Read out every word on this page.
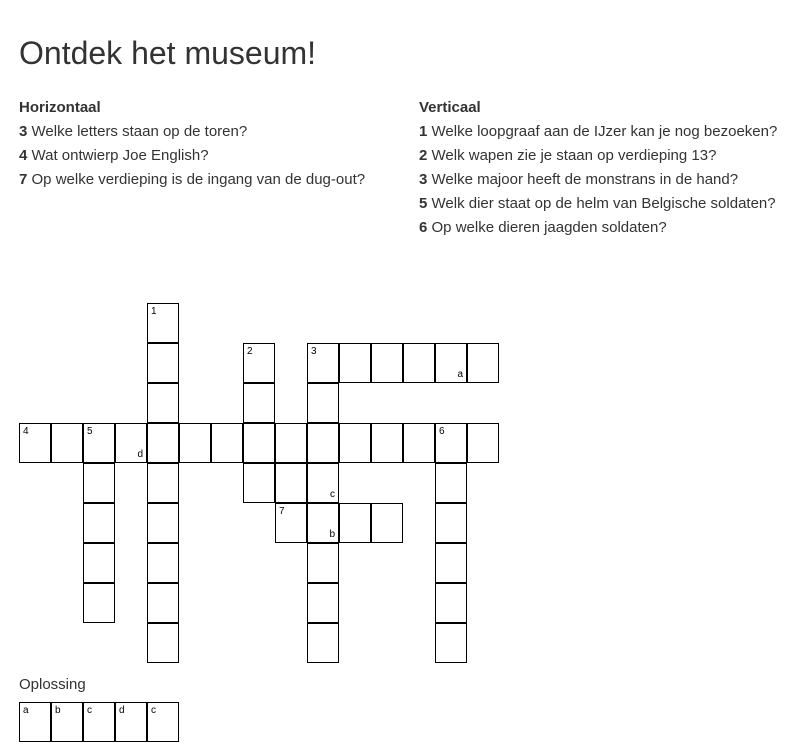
Ontdek het museum!
Horizontaal

3 Welke letters staan op de toren?

4 Wat ontwierp Joe English?

7 Op welke verdieping is de ingang van de dug-out?

Verticaal

1 Welke loopgraaf aan de IJzer kan je nog bezoeken?

2 Welk wapen zie je staan op verdieping 13?

3 Welke majoor heeft de monstrans in de hand?

5 Welk dier staat op de helm van Belgische soldaten?

6 Op welke dieren jaagden soldaten?

1
2	3
a
4	5
d
6
c
7
b
Oplossing
a	b	c	d	c
